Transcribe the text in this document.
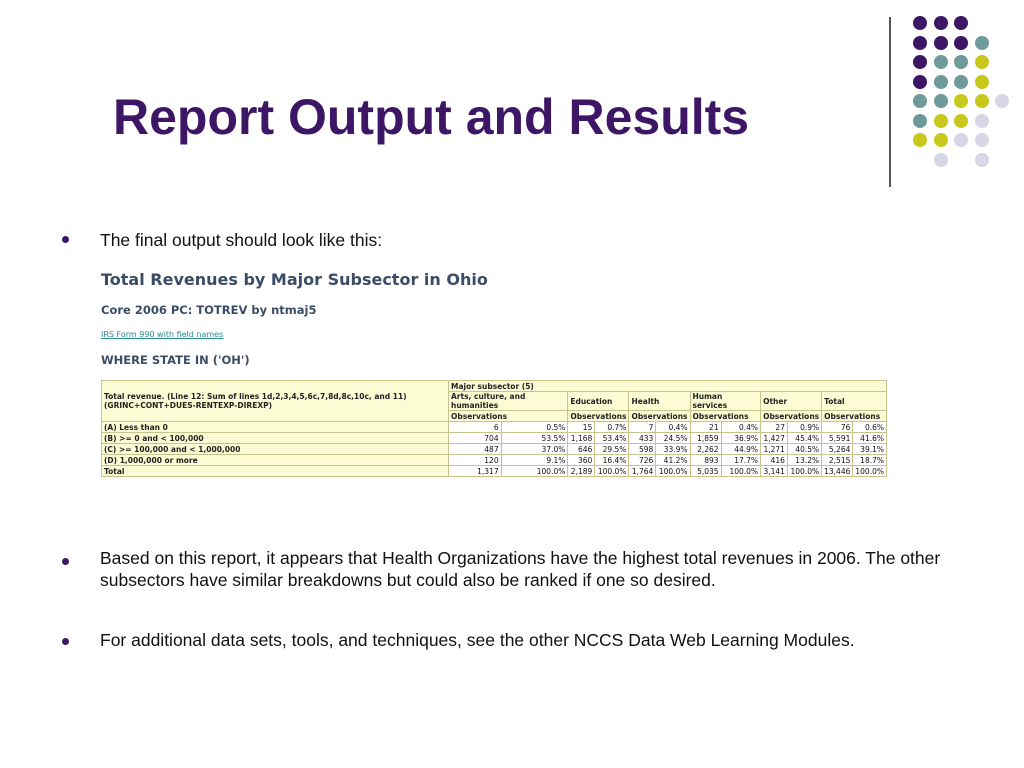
Report Output and Results
The final output should look like this:
Total Revenues by Major Subsector in Ohio
Core 2006 PC: TOTREV by ntmaj5
IRS Form 990 with field names
WHERE STATE IN ('OH')
Total revenue. (Line 12: Sum of lines 1d,2,3,4,5,6c,7,8d,8c,10c, and 11) (GRINC+CONT+DUES-RENTEXP-DIREXP)	Major subsector (5)											
	Arts, culture, and humanities		Education		Health		Human services		Other		Total	
	Observations		Observations		Observations		Observations		Observations		Observations	
(A) Less than 0	6	0.5%	15	0.7%	7	0.4%	21	0.4%	27	0.9%	76	0.6%
(B) >= 0 and < 100,000	704	53.5%	1,168	53.4%	433	24.5%	1,859	36.9%	1,427	45.4%	5,591	41.6%
(C) >= 100,000 and < 1,000,000	487	37.0%	646	29.5%	598	33.9%	2,262	44.9%	1,271	40.5%	5,264	39.1%
(D) 1,000,000 or more	120	9.1%	360	16.4%	726	41.2%	893	17.7%	416	13.2%	2,515	18.7%
Total	1,317	100.0%	2,189	100.0%	1,764	100.0%	5,035	100.0%	3,141	100.0%	13,446	100.0%
Based on this report, it appears that Health Organizations have the highest total revenues in 2006. The other subsectors have similar breakdowns but could also be ranked if one so desired.
For additional data sets, tools, and techniques, see the other NCCS Data Web Learning Modules.
